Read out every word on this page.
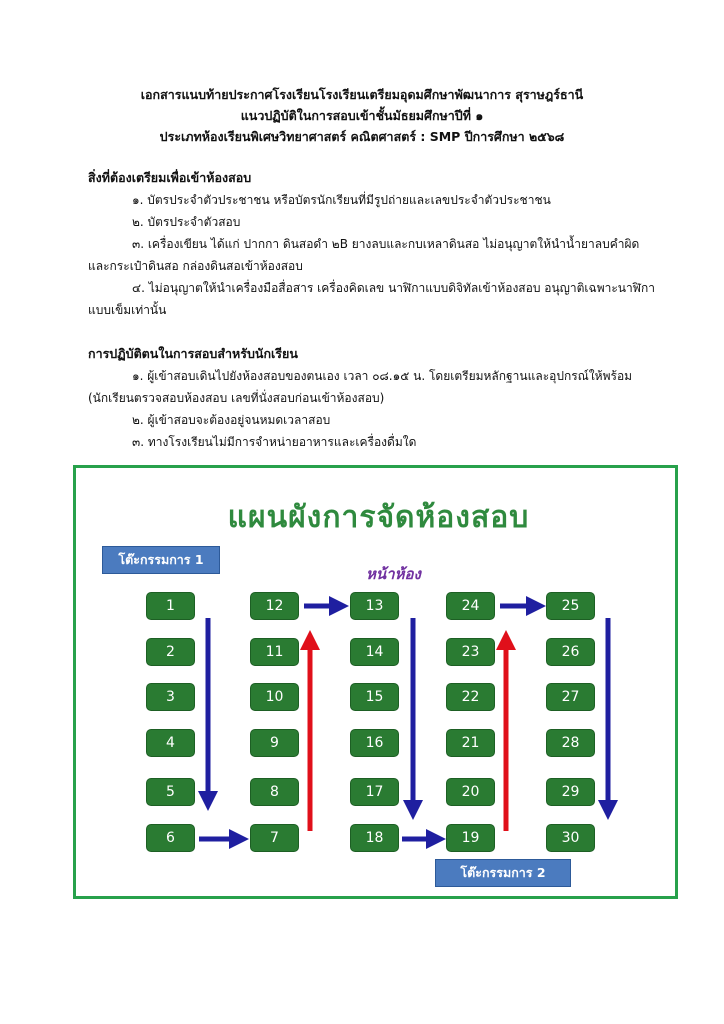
เอกสารแนบท้ายประกาศโรงเรียนโรงเรียนเตรียมอุดมศึกษาพัฒนาการ สุราษฎร์ธานี
แนวปฏิบัติในการสอบเข้าชั้นมัธยมศึกษาปีที่ ๑
ประเภทห้องเรียนพิเศษวิทยาศาสตร์ คณิตศาสตร์ : SMP ปีการศึกษา ๒๕๖๘
สิ่งที่ต้องเตรียมเพื่อเข้าห้องสอบ
๑. บัตรประจำตัวประชาชน หรือบัตรนักเรียนที่มีรูปถ่ายและเลขประจำตัวประชาชน
๒. บัตรประจำตัวสอบ
๓. เครื่องเขียน ได้แก่ ปากกา ดินสอดำ ๒B ยางลบและกบเหลาดินสอ ไม่อนุญาตให้นำน้ำยาลบคำผิด
และกระเป๋าดินสอ กล่องดินสอเข้าห้องสอบ
๔. ไม่อนุญาตให้นำเครื่องมือสื่อสาร เครื่องคิดเลข นาฬิกาแบบดิจิทัลเข้าห้องสอบ อนุญาติเฉพาะนาฬิกา
แบบเข็มเท่านั้น
การปฏิบัติตนในการสอบสำหรับนักเรียน
๑. ผู้เข้าสอบเดินไปยังห้องสอบของตนเอง เวลา ๐๘.๑๕ น. โดยเตรียมหลักฐานและอุปกรณ์ให้พร้อม
(นักเรียนตรวจสอบห้องสอบ เลขที่นั่งสอบก่อนเข้าห้องสอบ)
๒. ผู้เข้าสอบจะต้องอยู่จนหมดเวลาสอบ
๓. ทางโรงเรียนไม่มีการจำหน่ายอาหารและเครื่องดื่มใด
แผนผังการจัดห้องสอบ
โต๊ะกรรมการ 1
โต๊ะกรรมการ 2
หน้าห้อง
1
2
3
4
5
6
12
11
10
9
8
7
13
14
15
16
17
18
24
23
22
21
20
19
25
26
27
28
29
30
